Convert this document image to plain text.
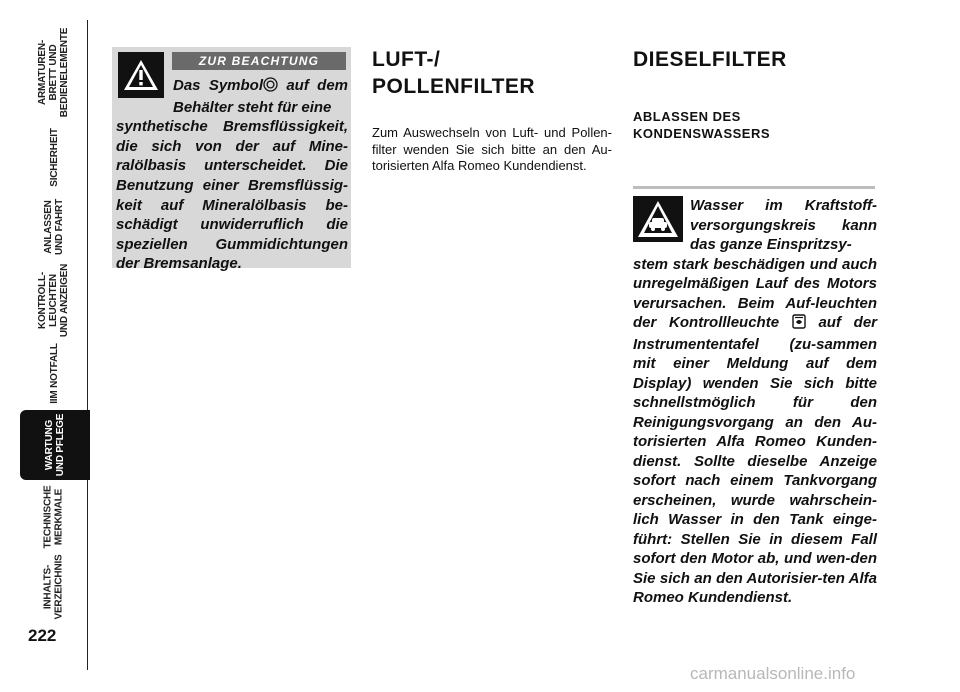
ARMATUREN-
BRETT UND
BEDIENELEMENTE
SICHERHEIT
ANLASSEN
UND FAHRT
KONTROLL-
LEUCHTEN
UND ANZEIGEN
IIM NOTFALL
WARTUNG
UND PFLEGE
TECHNISCHE
MERKMALE
INHALTS-
VERZEICHNIS
222
ZUR BEACHTUNG
Das Symbol auf dem Behälter steht für eine
synthetische Bremsflüssigkeit, die sich von der auf Mine-ralölbasis unterscheidet. Die Benutzung einer Bremsflüssig-keit auf Mineralölbasis be-schädigt unwiderruflich die speziellen Gummidichtungen der Bremsanlage.
LUFT-/
POLLENFILTER
Zum Auswechseln von Luft- und Pollen-filter wenden Sie sich bitte an den Au-torisierten Alfa Romeo Kundendienst.
DIESELFILTER
ABLASSEN DES
KONDENSWASSERS
Wasser im Kraftstoff-versorgungskreis kann das ganze Einspritzsy-
stem stark beschädigen und auch unregelmäßigen Lauf des Motors verursachen. Beim Auf-leuchten der Kontrollleuchte	auf der Instrumententafel (zu-sammen mit einer Meldung auf dem Display) wenden Sie sich bitte schnellstmöglich für den Reinigungsvorgang an den Au-torisierten Alfa Romeo Kunden-dienst. Sollte dieselbe Anzeige sofort nach einem Tankvorgang erscheinen, wurde wahrschein-lich Wasser in den Tank einge-führt: Stellen Sie in diesem Fall sofort den Motor ab, und wen-den Sie sich an den Autorisier-ten Alfa Romeo Kundendienst.
carmanualsonline.info
